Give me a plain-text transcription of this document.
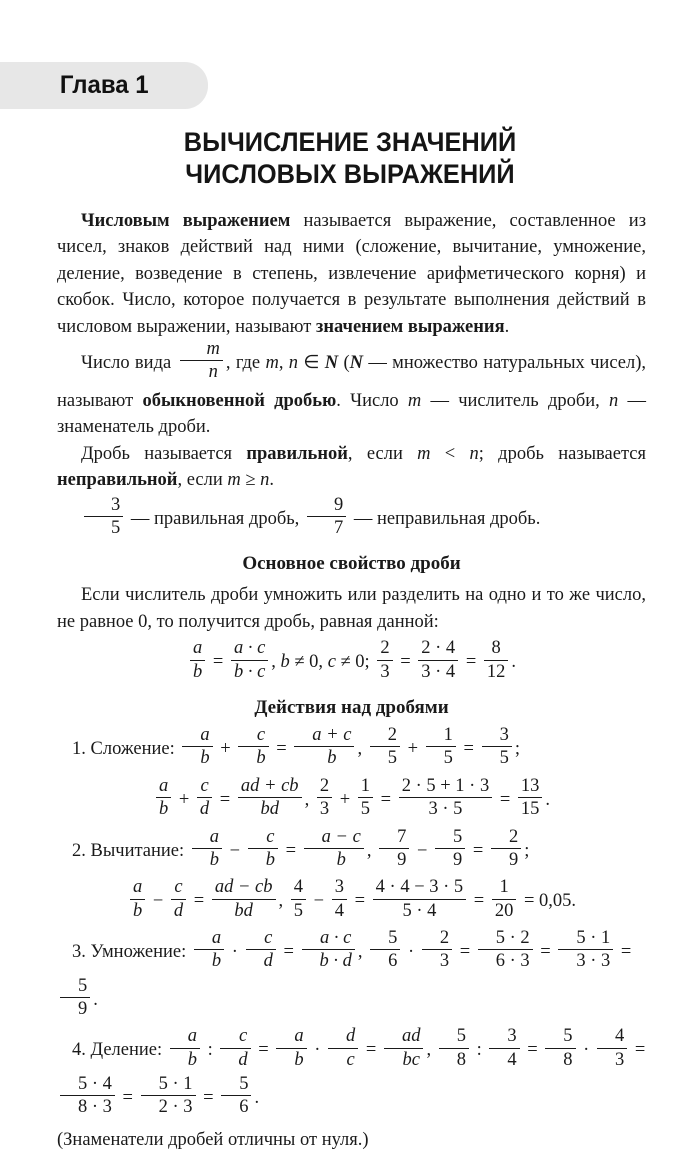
Глава 1
ВЫЧИСЛЕНИЕ ЗНАЧЕНИЙ
ЧИСЛОВЫХ ВЫРАЖЕНИЙ

Числовым выражением называется выражение, составленное из чисел, знаков действий над ними (сложение, вычитание, умножение, деление, возведение в степень, извлечение арифметического корня) и скобок. Число, которое получается в результате выполнения действий в числовом выражении, называют значением выражения.

Число вида $\frac{m}{n}$ , где m, n ∈ N (N — множество натуральных чисел), называют обыкновенной дробью. Число m — числитель дроби, n — знаменатель дроби.

Дробь называется правильной, если m < n; дробь называется неправильной, если m ≥ n.

$\frac{3}{5}$ — правильная дробь, $\frac{9}{7}$ — неправильная дробь.

Основное свойство дроби

Если числитель дроби умножить или разделить на одно и то же число, не равное 0, то получится дробь, равная данной:

$\frac{a}{b} = \frac{a \cdot c}{b \cdot c}$ , b ≠ 0, c ≠ 0; $\frac{2}{3} = \frac{2 \cdot 4}{3 \cdot 4} = \frac{8}{12}$ .

Действия над дробями

1. Сложение: $\frac{a}{b} + \frac{c}{b} = \frac{a + c}{b}$ , $\frac{2}{5} + \frac{1}{5} = \frac{3}{5}$ ;

$\frac{a}{b} + \frac{c}{d} = \frac{ad + cb}{bd}$ , $\frac{2}{3} + \frac{1}{5} = \frac{2 \cdot 5 + 1 \cdot 3}{3 \cdot 5} = \frac{13}{15}$ .

2. Вычитание: $\frac{a}{b} - \frac{c}{b} = \frac{a - c}{b}$ , $\frac{7}{9} - \frac{5}{9} = \frac{2}{9}$ ;

$\frac{a}{b} - \frac{c}{d} = \frac{ad - cb}{bd}$ , $\frac{4}{5} - \frac{3}{4} = \frac{4 \cdot 4 - 3 \cdot 5}{5 \cdot 4} = \frac{1}{20} = 0,05$.

3. Умножение: $\frac{a}{b} \cdot \frac{c}{d} = \frac{a \cdot c}{b \cdot d}$ , $\frac{5}{6} \cdot \frac{2}{3} = \frac{5 \cdot 2}{6 \cdot 3} = \frac{5 \cdot 1}{3 \cdot 3}$ =
$\frac{5}{9}$ .

4. Деление: $\frac{a}{b}$ : $\frac{c}{d} = \frac{a}{b} \cdot \frac{d}{c} = \frac{ad}{bc}$ , $\frac{5}{8}$ : $\frac{3}{4} = \frac{5}{8} \cdot \frac{4}{3}$ =
$\frac{5 \cdot 4}{8 \cdot 3} = \frac{5 \cdot 1}{2 \cdot 3} = \frac{5}{6}$ .

(Знаменатели дробей отличны от нуля.)
